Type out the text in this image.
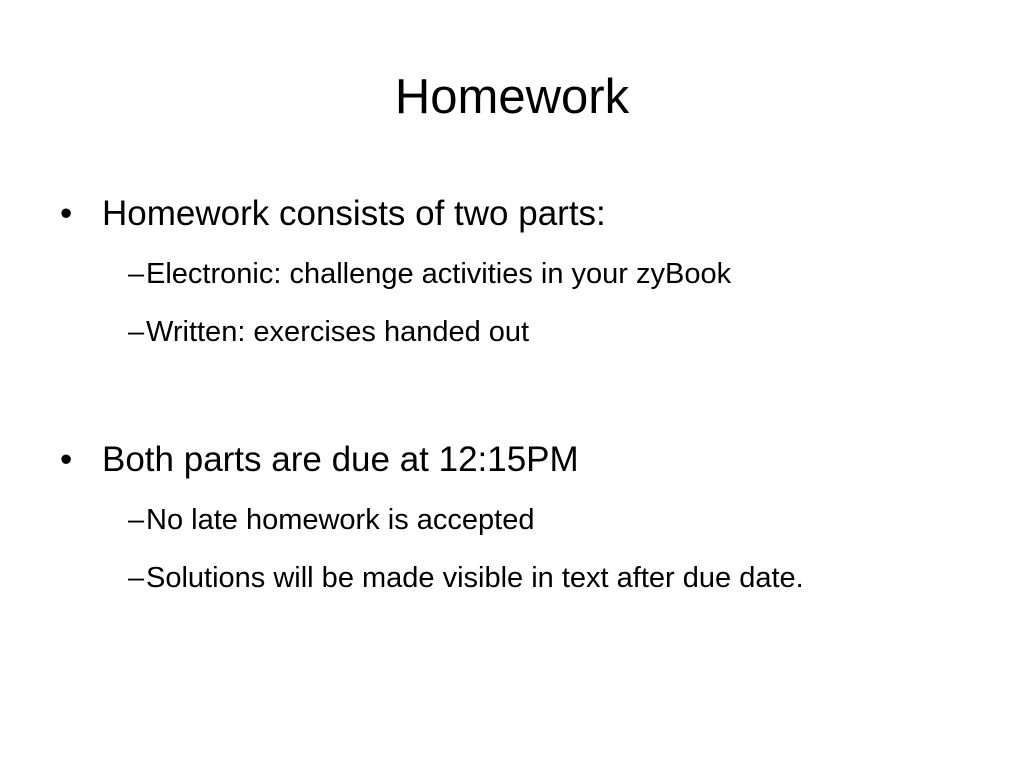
Homework
• Homework consists of two parts:
– Electronic: challenge activities in your zyBook
– Written: exercises handed out
• Both parts are due at 12:15PM
– No late homework is accepted
– Solutions will be made visible in text after due date.
